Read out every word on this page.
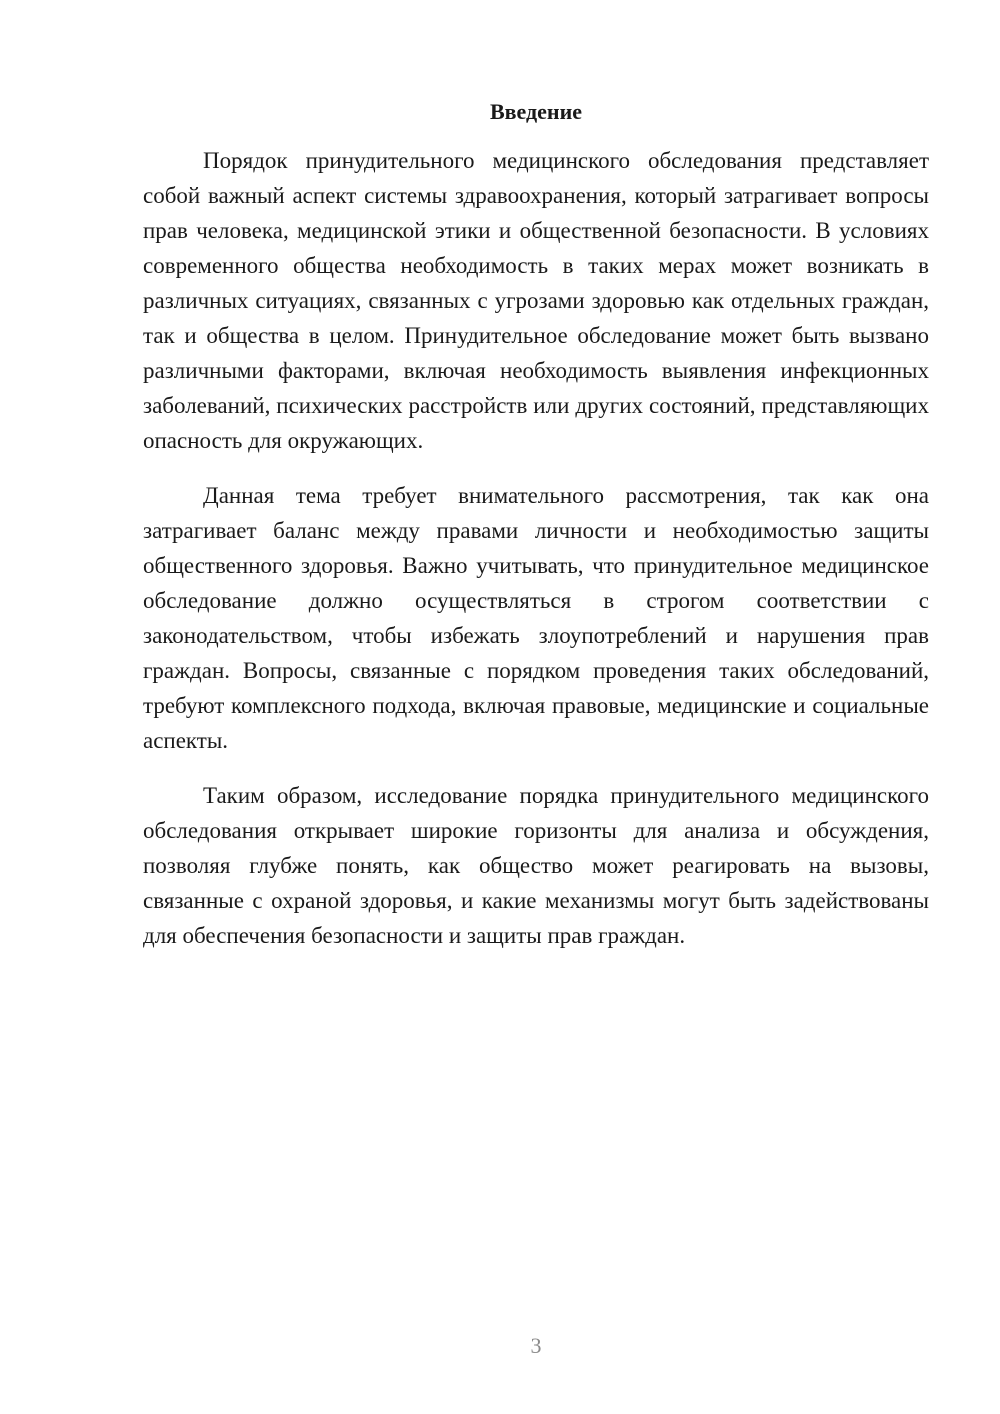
Введение

Порядок принудительного медицинского обследования представляет собой важный аспект системы здравоохранения, который затрагивает вопросы прав человека, медицинской этики и общественной безопасности. В условиях современного общества необходимость в таких мерах может возникать в различных ситуациях, связанных с угрозами здоровью как отдельных граждан, так и общества в целом. Принудительное обследование может быть вызвано различными факторами, включая необходимость выявления инфекционных заболеваний, психических расстройств или других состояний, представляющих опасность для окружающих.

Данная тема требует внимательного рассмотрения, так как она затрагивает баланс между правами личности и необходимостью защиты общественного здоровья. Важно учитывать, что принудительное медицинское обследование должно осуществляться в строгом соответствии с законодательством, чтобы избежать злоупотреблений и нарушения прав граждан. Вопросы, связанные с порядком проведения таких обследований, требуют комплексного подхода, включая правовые, медицинские и социальные аспекты.

Таким образом, исследование порядка принудительного медицинского обследования открывает широкие горизонты для анализа и обсуждения, позволяя глубже понять, как общество может реагировать на вызовы, связанные с охраной здоровья, и какие механизмы могут быть задействованы для обеспечения безопасности и защиты прав граждан.

3
